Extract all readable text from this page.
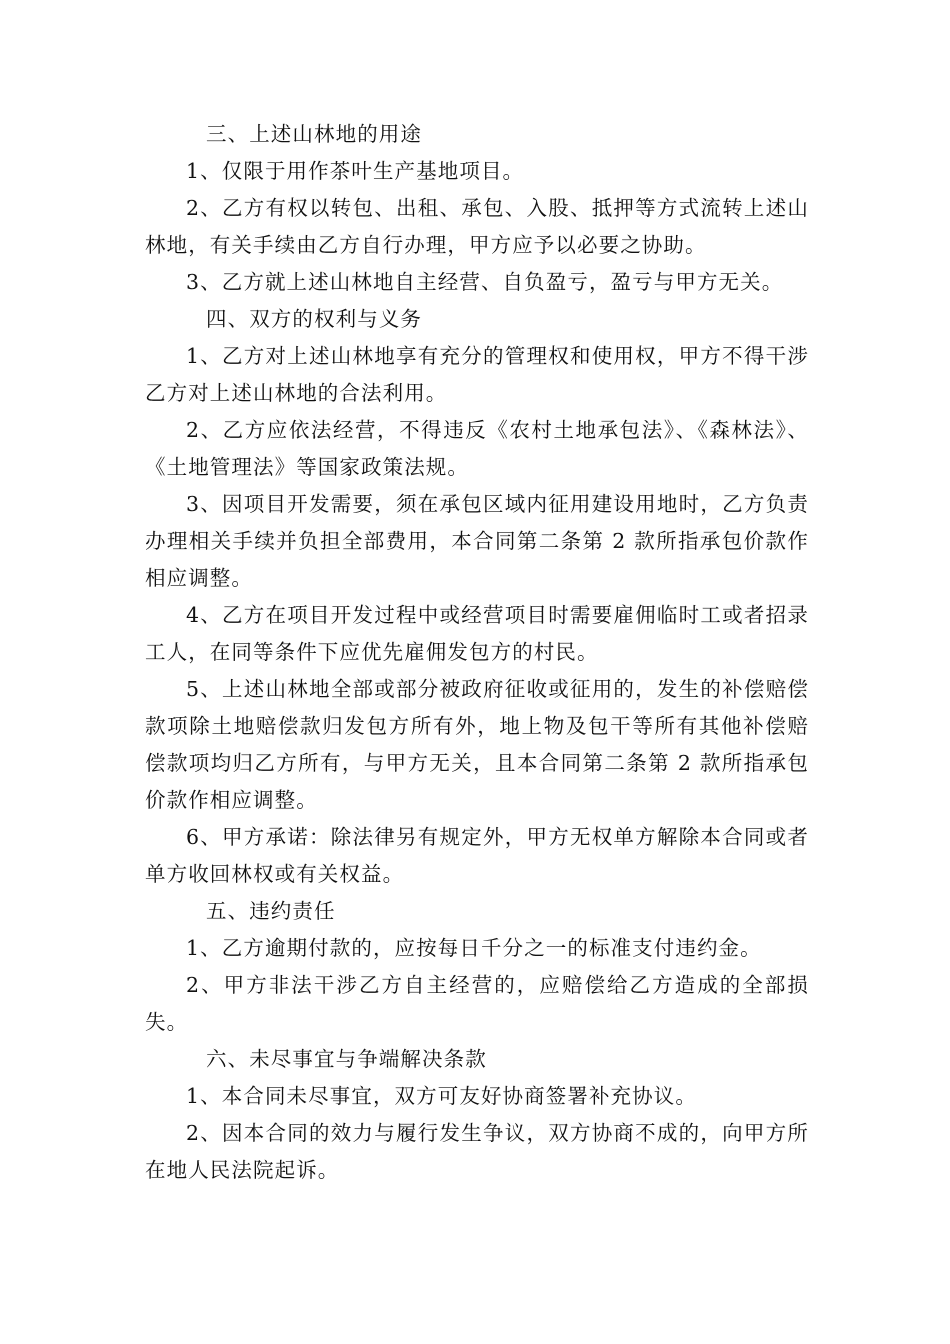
三、上述山林地的用途

1、仅限于用作茶叶生产基地项目。

2、乙方有权以转包、出租、承包、入股、抵押等方式流转上述山林地，有关手续由乙方自行办理，甲方应予以必要之协助。

3、乙方就上述山林地自主经营、自负盈亏，盈亏与甲方无关。

四、双方的权利与义务

1、乙方对上述山林地享有充分的管理权和使用权，甲方不得干涉乙方对上述山林地的合法利用。

2、乙方应依法经营，不得违反《农村土地承包法》、《森林法》、《土地管理法》等国家政策法规。

3、因项目开发需要，须在承包区域内征用建设用地时，乙方负责办理相关手续并负担全部费用，本合同第二条第 2 款所指承包价款作相应调整。

4、乙方在项目开发过程中或经营项目时需要雇佣临时工或者招录工人，在同等条件下应优先雇佣发包方的村民。

5、上述山林地全部或部分被政府征收或征用的，发生的补偿赔偿款项除土地赔偿款归发包方所有外，地上物及包干等所有其他补偿赔偿款项均归乙方所有，与甲方无关，且本合同第二条第 2 款所指承包价款作相应调整。

6、甲方承诺：除法律另有规定外，甲方无权单方解除本合同或者单方收回林权或有关权益。

五、违约责任

1、乙方逾期付款的，应按每日千分之一的标准支付违约金。

2、甲方非法干涉乙方自主经营的，应赔偿给乙方造成的全部损失。

六、未尽事宜与争端解决条款

1、本合同未尽事宜，双方可友好协商签署补充协议。

2、因本合同的效力与履行发生争议，双方协商不成的，向甲方所在地人民法院起诉。
